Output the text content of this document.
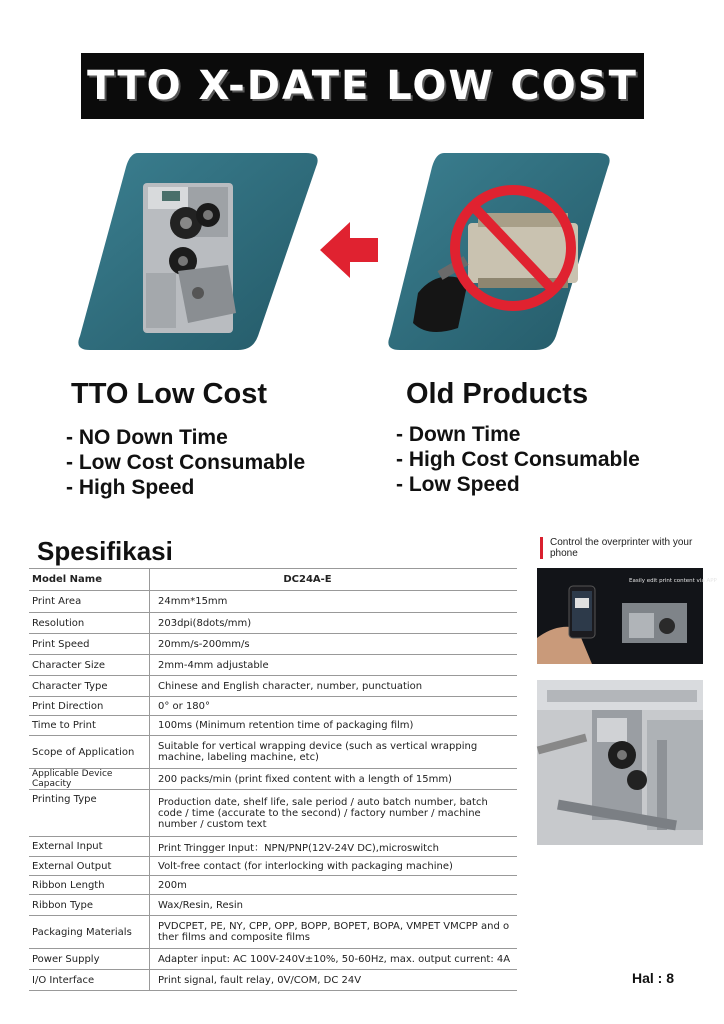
TTO X-DATE LOW COST
TTO Low Cost	Old Products
- NO Down Time
- Low Cost Consumable
- High Speed
- Down Time
- High Cost Consumable
- Low Speed
Spesifikasi
Model Name	DC24A-E
Print Area	24mm*15mm
Resolution	203dpi(8dots/mm)
Print Speed	20mm/s-200mm/s
Character Size	2mm-4mm adjustable
Character Type	Chinese and English character, number, punctuation
Print Direction	0° or 180°
Time to Print	100ms (Minimum retention time of packaging film)
Scope of Application	Suitable for vertical wrapping device (such as vertical wrapping machine, labeling machine, etc)
Applicable Device Capacity	200 packs/min (print fixed content with a length of 15mm)
Printing Type	Production date, shelf life, sale period / auto batch number, batch code / time (accurate to the second) / factory number / machine number / custom text
External Input	Print Tringger Input：NPN/PNP(12V-24V DC),microswitch
External Output	Volt-free contact (for interlocking with packaging machine)
Ribbon Length	200m
Ribbon Type	Wax/Resin, Resin
Packaging Materials	PVDCPET, PE, NY, CPP, OPP, BOPP, BOPET, BOPA, VMPET VMCPP and o ther films and composite films
Power Supply	Adapter input: AC 100V-240V±10%, 50-60Hz, max. output current: 4A
I/O Interface	Print signal, fault relay, 0V/COM, DC 24V
Control the overprinter with your phone
Easily edit print content via APP
Hal : 8
